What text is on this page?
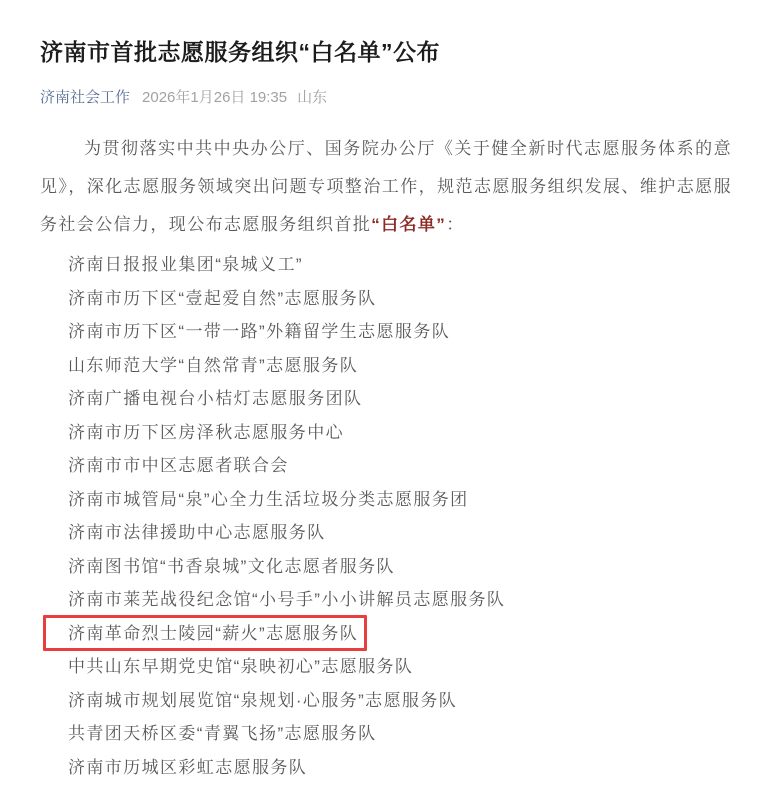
济南市首批志愿服务组织“白名单”公布
济南社会工作 2026年1月26日 19:35 山东

为贯彻落实中共中央办公厅、国务院办公厅《关于健全新时代志愿服务体系的意见》，深化志愿服务领域突出问题专项整治工作，规范志愿服务组织发展、维护志愿服务社会公信力，现公布志愿服务组织首批“白名单”：

济南日报报业集团“泉城义工”

济南市历下区“壹起爱自然”志愿服务队

济南市历下区“一带一路”外籍留学生志愿服务队

山东师范大学“自然常青”志愿服务队

济南广播电视台小桔灯志愿服务团队

济南市历下区房泽秋志愿服务中心

济南市市中区志愿者联合会

济南市城管局“泉”心全力生活垃圾分类志愿服务团

济南市法律援助中心志愿服务队

济南图书馆“书香泉城”文化志愿者服务队

济南市莱芜战役纪念馆“小号手”小小讲解员志愿服务队

济南革命烈士陵园“薪火”志愿服务队

中共山东早期党史馆“泉映初心”志愿服务队

济南城市规划展览馆“泉规划·心服务”志愿服务队

共青团天桥区委“青翼飞扬”志愿服务队

济南市历城区彩虹志愿服务队
